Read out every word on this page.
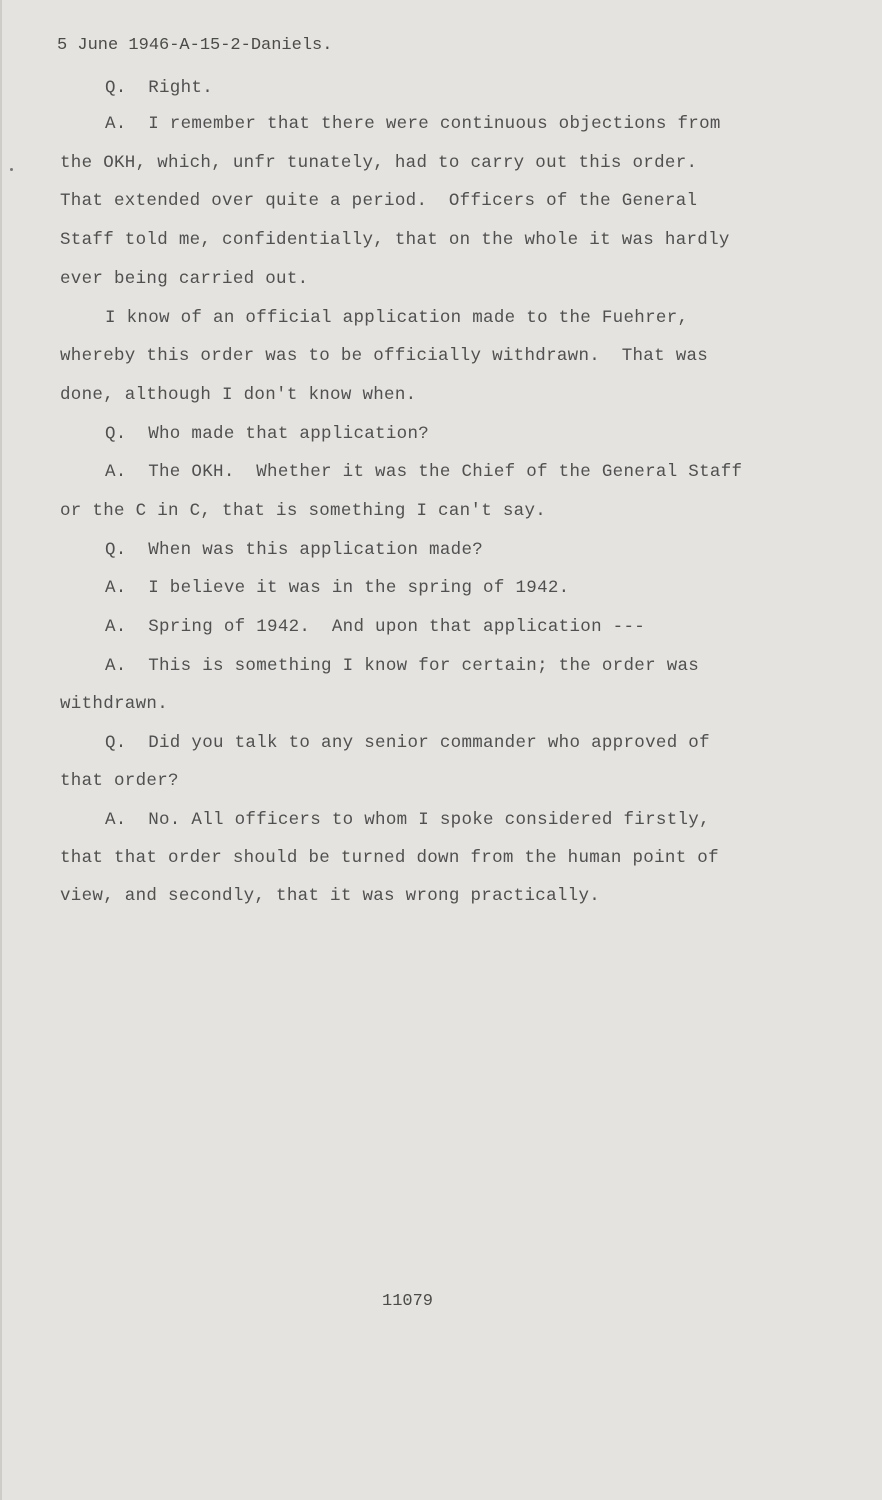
5 June 1946-A-15-2-Daniels.
Q.  Right.
A.  I remember that there were continuous objections from
the OKH, which, unfr tunately, had to carry out this order.
That extended over quite a period.  Officers of the General
Staff told me, confidentially, that on the whole it was hardly
ever being carried out.
I know of an official application made to the Fuehrer,
whereby this order was to be officially withdrawn.  That was
done, although I don't know when.
Q.  Who made that application?
A.  The OKH.  Whether it was the Chief of the General Staff
or the C in C, that is something I can't say.
Q.  When was this application made?
A.  I believe it was in the spring of 1942.
A.  Spring of 1942.  And upon that application ---
A.  This is something I know for certain; the order was
withdrawn.
Q.  Did you talk to any senior commander who approved of
that order?
A.  No. All officers to whom I spoke considered firstly,
that that order should be turned down from the human point of
view, and secondly, that it was wrong practically.
11079
